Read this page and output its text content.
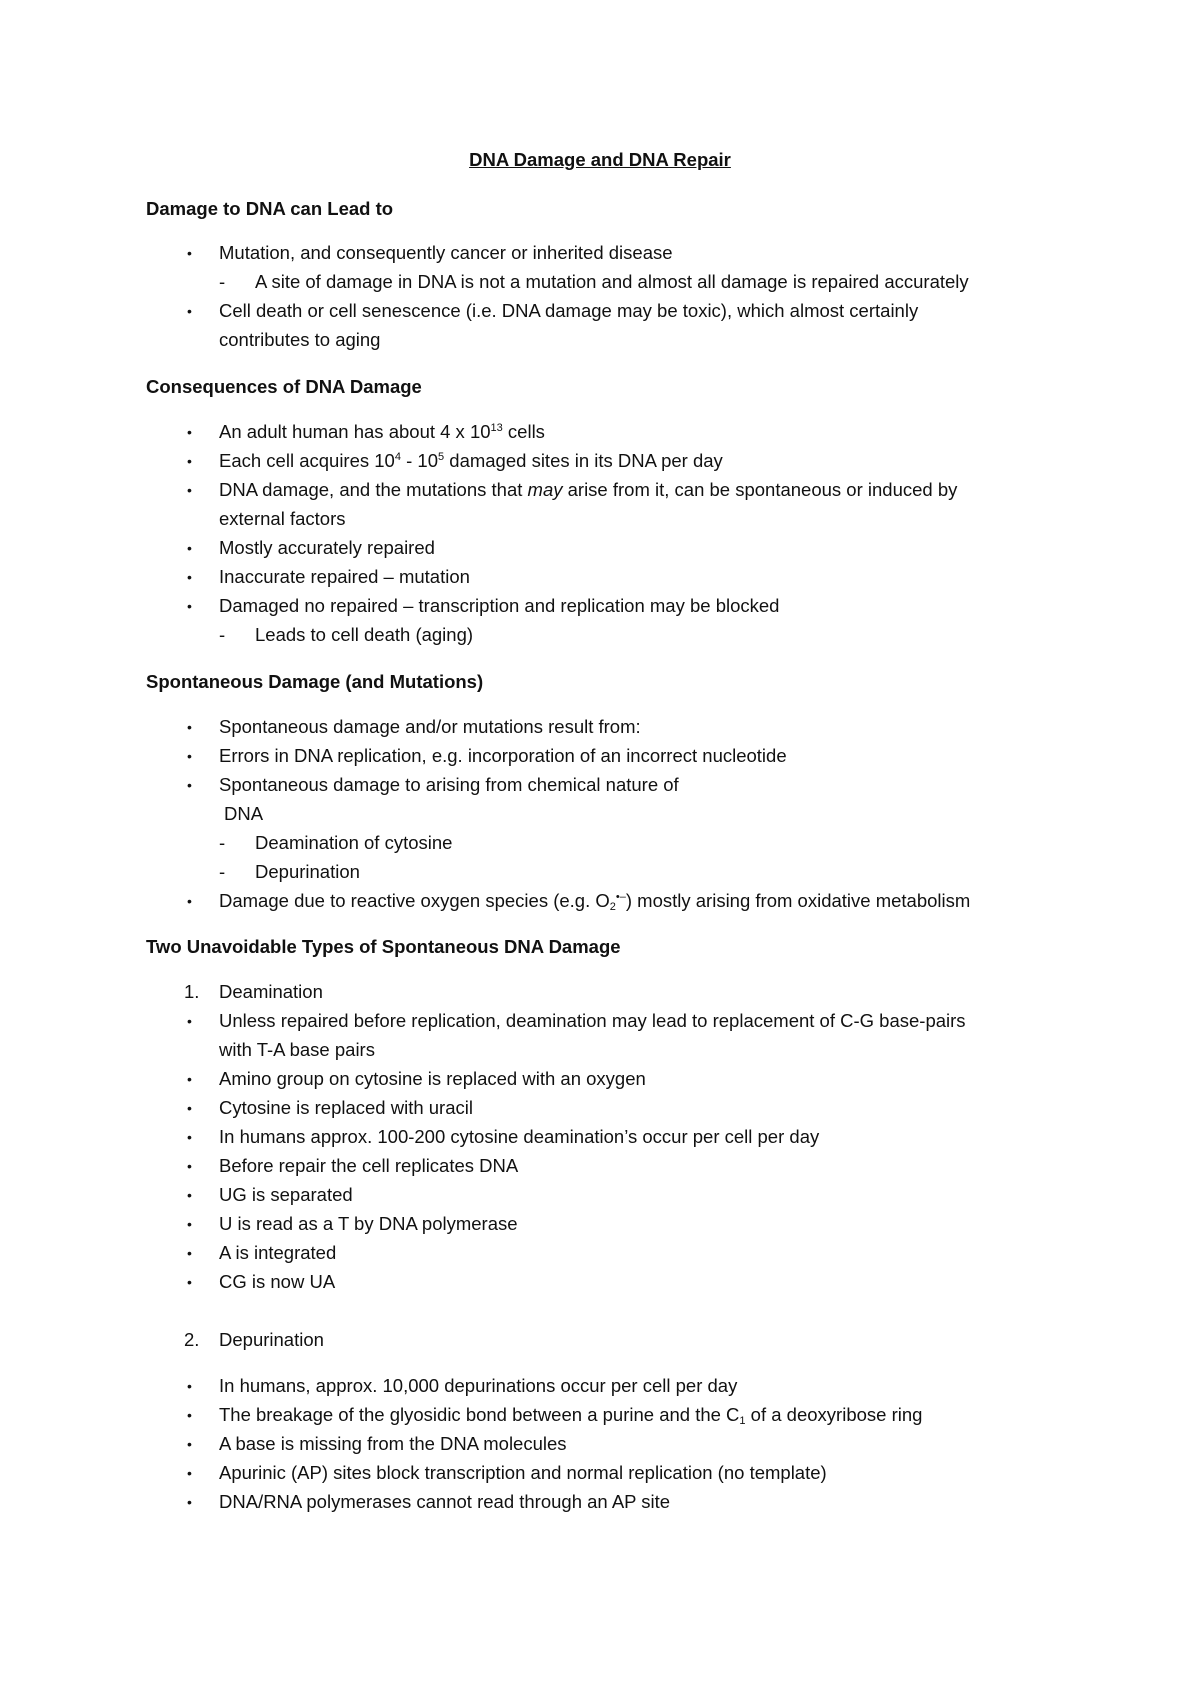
DNA Damage and DNA Repair
Damage to DNA can Lead to
• Mutation, and consequently cancer or inherited disease
- A site of damage in DNA is not a mutation and almost all damage is repaired accurately
• Cell death or cell senescence (i.e. DNA damage may be toxic), which almost certainly
contributes to aging
Consequences of DNA Damage
• An adult human has about 4 x $10^{13}$ cells
• Each cell acquires $10^4 - 10^5$ damaged sites in its DNA per day
• DNA damage, and the mutations that may arise from it, can be spontaneous or induced by
external factors
• Mostly accurately repaired
• Inaccurate repaired – mutation
• Damaged no repaired – transcription and replication may be blocked
- Leads to cell death (aging)
Spontaneous Damage (and Mutations)
• Spontaneous damage and/or mutations result from:
• Errors in DNA replication, e.g. incorporation of an incorrect nucleotide
• Spontaneous damage to arising from chemical nature of
DNA
- Deamination of cytosine
- Depurination
• Damage due to reactive oxygen species (e.g. $O_2^{•-}$) mostly arising from oxidative metabolism
Two Unavoidable Types of Spontaneous DNA Damage
1. Deamination
• Unless repaired before replication, deamination may lead to replacement of C-G base-pairs
with T-A base pairs
• Amino group on cytosine is replaced with an oxygen
• Cytosine is replaced with uracil
• In humans approx. 100-200 cytosine deamination’s occur per cell per day
• Before repair the cell replicates DNA
• UG is separated
• U is read as a T by DNA polymerase
• A is integrated
• CG is now UA
2. Depurination
• In humans, approx. 10,000 depurinations occur per cell per day
• The breakage of the glyosidic bond between a purine and the $C_1$ of a deoxyribose ring
• A base is missing from the DNA molecules
• Apurinic (AP) sites block transcription and normal replication (no template)
• DNA/RNA polymerases cannot read through an AP site
